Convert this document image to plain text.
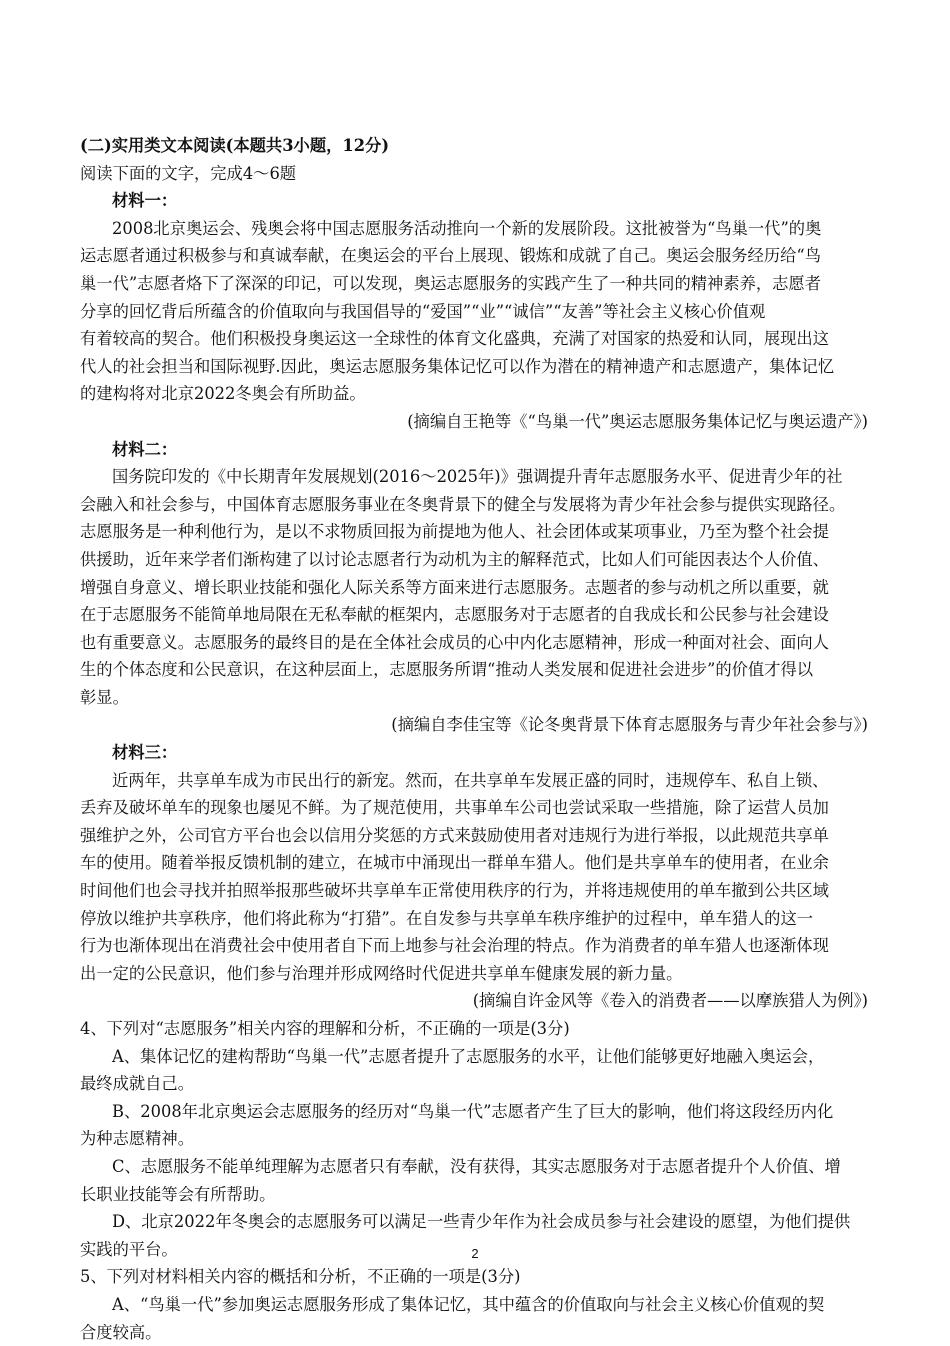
(二)实用类文本阅读(本题共3小题，12分)
阅读下面的文字，完成4～6题
材料一：
2008北京奥运会、残奥会将中国志愿服务活动推向一个新的发展阶段。这批被誉为“鸟巢一代”的奥
运志愿者通过积极参与和真诚奉献，在奥运会的平台上展现、锻炼和成就了自己。奥运会服务经历给“鸟
巢一代”志愿者烙下了深深的印记，可以发现，奥运志愿服务的实践产生了一种共同的精神素养，志愿者
分享的回忆背后所蕴含的价值取向与我国倡导的“爱国”“业”“诚信”“友善”等社会主义核心价值观
有着较高的契合。他们积极投身奥运这一全球性的体育文化盛典，充满了对国家的热爱和认同，展现出这
代人的社会担当和国际视野.因此，奥运志愿服务集体记忆可以作为潜在的精神遗产和志愿遗产，集体记忆
的建构将对北京2022冬奥会有所助益。
(摘编自王艳等《“鸟巢一代”奥运志愿服务集体记忆与奥运遗产》)
材料二：
国务院印发的《中长期青年发展规划(2016～2025年)》强调提升青年志愿服务水平、促进青少年的社
会融入和社会参与，中国体育志愿服务事业在冬奥背景下的健全与发展将为青少年社会参与提供实现路径。
志愿服务是一种利他行为，是以不求物质回报为前提地为他人、社会团体或某项事业，乃至为整个社会提
供援助，近年来学者们渐构建了以讨论志愿者行为动机为主的解释范式，比如人们可能因表达个人价值、
增强自身意义、增长职业技能和强化人际关系等方面来进行志愿服务。志题者的参与动机之所以重要，就
在于志愿服务不能简单地局限在无私奉献的框架内，志愿服务对于志愿者的自我成长和公民参与社会建设
也有重要意义。志愿服务的最终目的是在全体社会成员的心中内化志愿精神，形成一种面对社会、面向人
生的个体态度和公民意识，在这种层面上，志愿服务所谓“推动人类发展和促进社会进步”的价值才得以
彰显。
(摘编自李佳宝等《论冬奥背景下体育志愿服务与青少年社会参与》)
材料三：
近两年，共享单车成为市民出行的新宠。然而，在共享单车发展正盛的同时，违规停车、私自上锁、
丢弃及破坏单车的现象也屡见不鲜。为了规范使用，共事单车公司也尝试采取一些措施，除了运营人员加
强维护之外，公司官方平台也会以信用分奖惩的方式来鼓励使用者对违规行为进行举报，以此规范共享单
车的使用。随着举报反馈机制的建立，在城市中涌现出一群单车猎人。他们是共享单车的使用者，在业余
时间他们也会寻找并拍照举报那些破坏共享单车正常使用秩序的行为，并将违规使用的单车撤到公共区域
停放以维护共享秩序，他们将此称为“打猎”。在自发参与共享单车秩序维护的过程中，单车猎人的这一
行为也渐体现出在消费社会中使用者自下而上地参与社会治理的特点。作为消费者的单车猎人也逐渐体现
出一定的公民意识，他们参与治理并形成网络时代促进共享单车健康发展的新力量。
(摘编自许金风等《卷入的消费者——以摩族猎人为例》)
4、下列对“志愿服务”相关内容的理解和分析，不正确的一项是(3分)
A、集体记忆的建构帮助“鸟巢一代”志愿者提升了志愿服务的水平，让他们能够更好地融入奥运会，
最终成就自己。
B、2008年北京奥运会志愿服务的经历对“鸟巢一代”志愿者产生了巨大的影响，他们将这段经历内化
为种志愿精神。
C、志愿服务不能单纯理解为志愿者只有奉献，没有获得，其实志愿服务对于志愿者提升个人价值、增
长职业技能等会有所帮助。
D、北京2022年冬奥会的志愿服务可以满足一些青少年作为社会成员参与社会建设的愿望，为他们提供
实践的平台。
5、下列对材料相关内容的概括和分析，不正确的一项是(3分)
A、“鸟巢一代”参加奥运志愿服务形成了集体记忆，其中蕴含的价值取向与社会主义核心价值观的契
合度较高。
2
